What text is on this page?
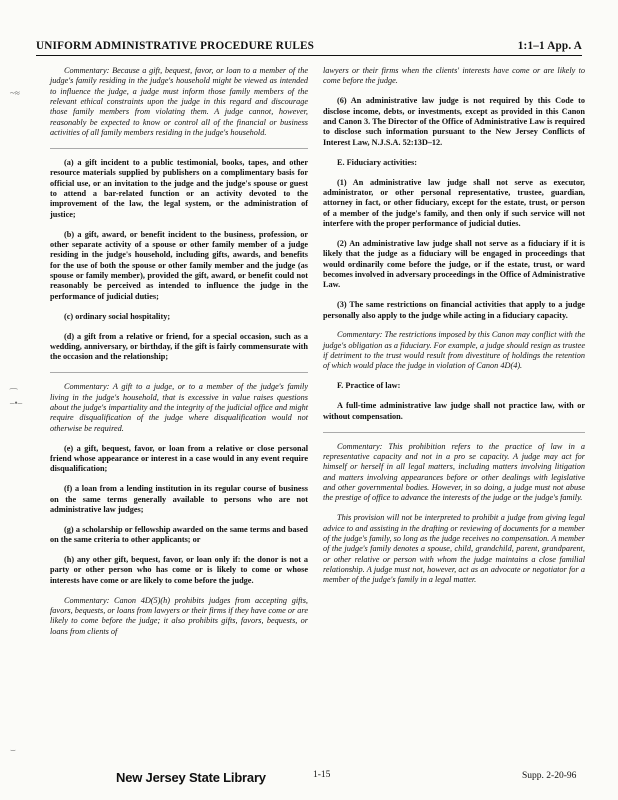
UNIFORM ADMINISTRATIVE PROCEDURE RULES	1:1–1 App. A

Commentary: Because a gift, bequest, favor, or loan to a member of the judge's family residing in the judge's household might be viewed as intended to influence the judge, a judge must inform those family members of the relevant ethical constraints upon the judge in this regard and discourage those family members from violating them. A judge cannot, however, reasonably be expected to know or control all of the financial or business activities of all family members residing in the judge's household.

(a) a gift incident to a public testimonial, books, tapes, and other resource materials supplied by publishers on a complimentary basis for official use, or an invitation to the judge and the judge's spouse or guest to attend a bar-related function or an activity devoted to the improvement of the law, the legal system, or the administration of justice;

(b) a gift, award, or benefit incident to the business, profession, or other separate activity of a spouse or other family member of a judge residing in the judge's household, including gifts, awards, and benefits for the use of both the spouse or other family member and the judge (as spouse or family member), provided the gift, award, or benefit could not reasonably be perceived as intended to influence the judge in the performance of judicial duties;

(c) ordinary social hospitality;

(d) a gift from a relative or friend, for a special occasion, such as a wedding, anniversary, or birthday, if the gift is fairly commensurate with the occasion and the relationship;

Commentary: A gift to a judge, or to a member of the judge's family living in the judge's household, that is excessive in value raises questions about the judge's impartiality and the integrity of the judicial office and might require disqualification of the judge where disqualification would not otherwise be required.

(e) a gift, bequest, favor, or loan from a relative or close personal friend whose appearance or interest in a case would in any event require disqualification;

(f) a loan from a lending institution in its regular course of business on the same terms generally available to persons who are not administrative law judges;

(g) a scholarship or fellowship awarded on the same terms and based on the same criteria to other applicants; or

(h) any other gift, bequest, favor, or loan only if: the donor is not a party or other person who has come or is likely to come or whose interests have come or are likely to come before the judge.

Commentary: Canon 4D(5)(h) prohibits judges from accepting gifts, favors, bequests, or loans from lawyers or their firms if they have come or are likely to come before the judge; it also prohibits gifts, favors, bequests, or loans from clients of

lawyers or their firms when the clients' interests have come or are likely to come before the judge.

(6) An administrative law judge is not required by this Code to disclose income, debts, or investments, except as provided in this Canon and Canon 3. The Director of the Office of Administrative Law is required to disclose such information pursuant to the New Jersey Conflicts of Interest Law, N.J.S.A. 52:13D–12.

E. Fiduciary activities:

(1) An administrative law judge shall not serve as executor, administrator, or other personal representative, trustee, guardian, attorney in fact, or other fiduciary, except for the estate, trust, or person of a member of the judge's family, and then only if such service will not interfere with the proper performance of judicial duties.

(2) An administrative law judge shall not serve as a fiduciary if it is likely that the judge as a fiduciary will be engaged in proceedings that would ordinarily come before the judge, or if the estate, trust, or ward becomes involved in adversary proceedings in the Office of Administrative Law.

(3) The same restrictions on financial activities that apply to a judge personally also apply to the judge while acting in a fiduciary capacity.

Commentary: The restrictions imposed by this Canon may conflict with the judge's obligation as a fiduciary. For example, a judge should resign as trustee if detriment to the trust would result from divestiture of holdings the retention of which would place the judge in violation of Canon 4D(4).

F. Practice of law:

A full-time administrative law judge shall not practice law, with or without compensation.

Commentary: This prohibition refers to the practice of law in a representative capacity and not in a pro se capacity. A judge may act for himself or herself in all legal matters, including matters involving litigation and matters involving appearances before or other dealings with legislative and other governmental bodies. However, in so doing, a judge must not abuse the prestige of office to advance the interests of the judge or the judge's family.

This provision will not be interpreted to prohibit a judge from giving legal advice to and assisting in the drafting or reviewing of documents for a member of the judge's family, so long as the judge receives no compensation. A member of the judge's family denotes a spouse, child, grandchild, parent, grandparent, or other relative or person with whom the judge maintains a close familial relationship. A judge must not, however, act as an advocate or negotiator for a member of the judge's family in a legal matter.

~≈
⁀
–•–
⌣
New Jersey State Library	1-15	Supp. 2-20-96
